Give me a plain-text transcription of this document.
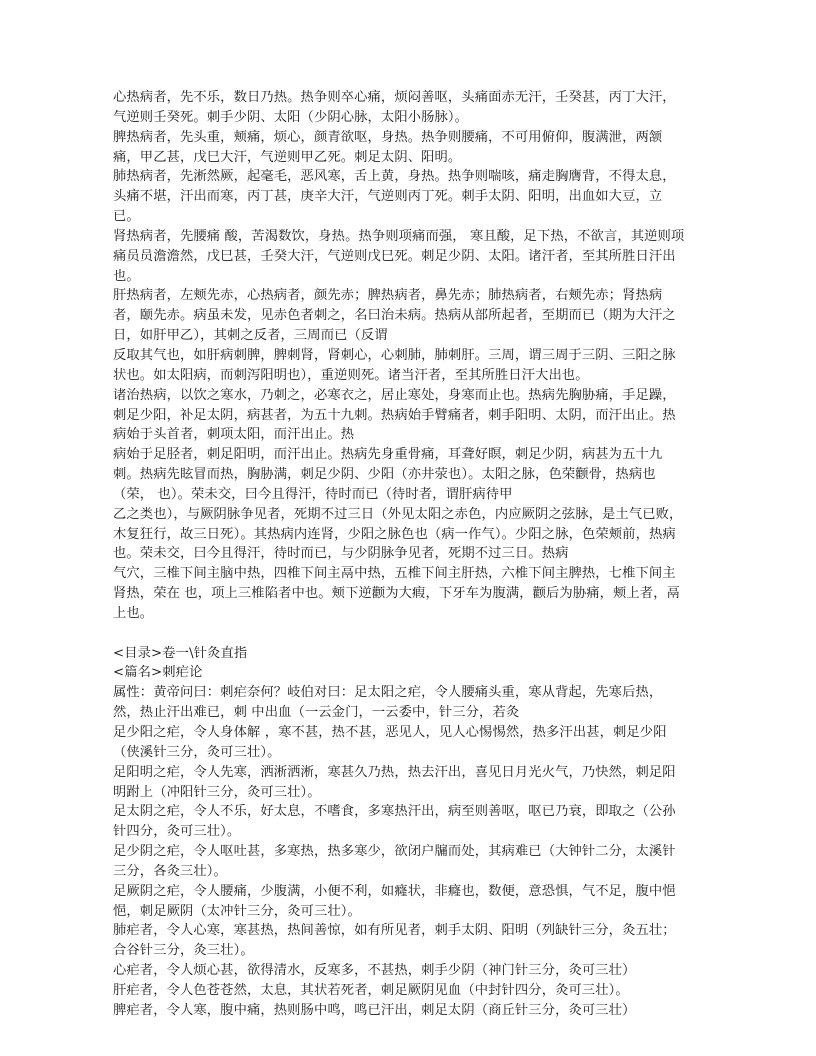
心热病者，先不乐，数日乃热。热争则卒心痛，烦闷善呕，头痛面赤无汗，壬癸甚，丙丁大汗，气逆则壬癸死。刺手少阴、太阳（少阴心脉，太阳小肠脉）。

脾热病者，先头重，颊痛，烦心，颜青欲呕，身热。热争则腰痛，不可用俯仰，腹满泄，两颔痛，甲乙甚，戊巳大汗，气逆则甲乙死。刺足太阴、阳明。

肺热病者，先淅然厥，起毫毛，恶风寒，舌上黄，身热。热争则喘咳，痛走胸膺背，不得太息，头痛不堪，汗出而寒，丙丁甚，庚辛大汗，气逆则丙丁死。刺手太阴、阳明，出血如大豆，立已。

肾热病者，先腰痛 酸，苦渴数饮，身热。热争则项痛而强， 寒且酸，足下热，不欲言，其逆则项痛员员澹澹然，戊巳甚，壬癸大汗，气逆则戊巳死。刺足少阴、太阳。诸汗者，至其所胜日汗出也。

肝热病者，左颊先赤，心热病者，颜先赤；脾热病者，鼻先赤；肺热病者，右颊先赤；肾热病者，颐先赤。病虽未发，见赤色者刺之，名曰治未病。热病从部所起者，至期而已（期为大汗之日，如肝甲乙），其刺之反者，三周而已（反谓

反取其气也，如肝病刺脾，脾刺肾，肾刺心，心刺肺，肺刺肝。三周，谓三周于三阴、三阳之脉状也。如太阳病，而刺泻阳明也），重逆则死。诸当汗者，至其所胜日汗大出也。

诸治热病，以饮之寒水，乃刺之，必寒衣之，居止寒处，身寒而止也。热病先胸胁痛，手足躁，刺足少阳，补足太阴，病甚者，为五十九刺。热病始手臂痛者，刺手阳明、太阴，而汗出止。热病始于头首者，刺项太阳，而汗出止。热

病始于足胫者，刺足阳明，而汗出止。热病先身重骨痛，耳聋好瞑，刺足少阴，病甚为五十九刺。热病先眩冒而热，胸胁满，刺足少阴、少阳（亦井荥也）。太阳之脉，色荣颧骨，热病也（荣， 也）。荣未交，曰今且得汗，待时而已（待时者，谓肝病待甲

乙之类也），与厥阴脉争见者，死期不过三日（外见太阳之赤色，内应厥阴之弦脉，是土气已败，木复狂行，故三日死）。其热病内连肾，少阳之脉色也（病一作气）。少阳之脉，色荣颊前，热病也。荣未交，曰今且得汗，待时而已，与少阴脉争见者，死期不过三日。热病

气穴，三椎下间主脑中热，四椎下间主鬲中热，五椎下间主肝热，六椎下间主脾热，七椎下间主肾热，荣在 也，项上三椎陷者中也。颊下逆颧为大瘕，下牙车为腹满，颧后为胁痛，颊上者，鬲上也。

<目录>卷一\针灸直指

<篇名>刺疟论

属性：黄帝问曰：刺疟奈何？岐伯对曰：足太阳之疟，令人腰痛头重，寒从背起，先寒后热， 然，热止汗出难已，刺 中出血（一云金门，一云委中，针三分，若灸

足少阳之疟，令人身体解 ，寒不甚，热不甚，恶见人，见人心惕惕然，热多汗出甚，刺足少阳（侠溪针三分，灸可三壮）。

足阳明之疟，令人先寒，洒淅洒淅，寒甚久乃热，热去汗出，喜见日月光火气，乃快然，刺足阳明跗上（冲阳针三分，灸可三壮）。

足太阴之疟，令人不乐，好太息，不嗜食，多寒热汗出，病至则善呕，呕已乃衰，即取之（公孙针四分，灸可三壮）。

足少阴之疟，令人呕吐甚，多寒热，热多寒少，欲闭户牖而处，其病难已（大钟针二分，太溪针三分，各灸三壮）。

足厥阴之疟，令人腰痛，少腹满，小便不利，如癃状，非癃也，数便，意恐惧，气不足，腹中悒悒，刺足厥阴（太冲针三分，灸可三壮）。

肺疟者，令人心寒，寒甚热，热间善惊，如有所见者，刺手太阴、阳明（列缺针三分，灸五壮；合谷针三分，灸三壮）。

心疟者，令人烦心甚，欲得清水，反寒多，不甚热，刺手少阴（神门针三分，灸可三壮）

肝疟者，令人色苍苍然，太息，其状若死者，刺足厥阴见血（中封针四分，灸可三壮）。

脾疟者，令人寒，腹中痛，热则肠中鸣，鸣已汗出，刺足太阴（商丘针三分，灸可三壮）
